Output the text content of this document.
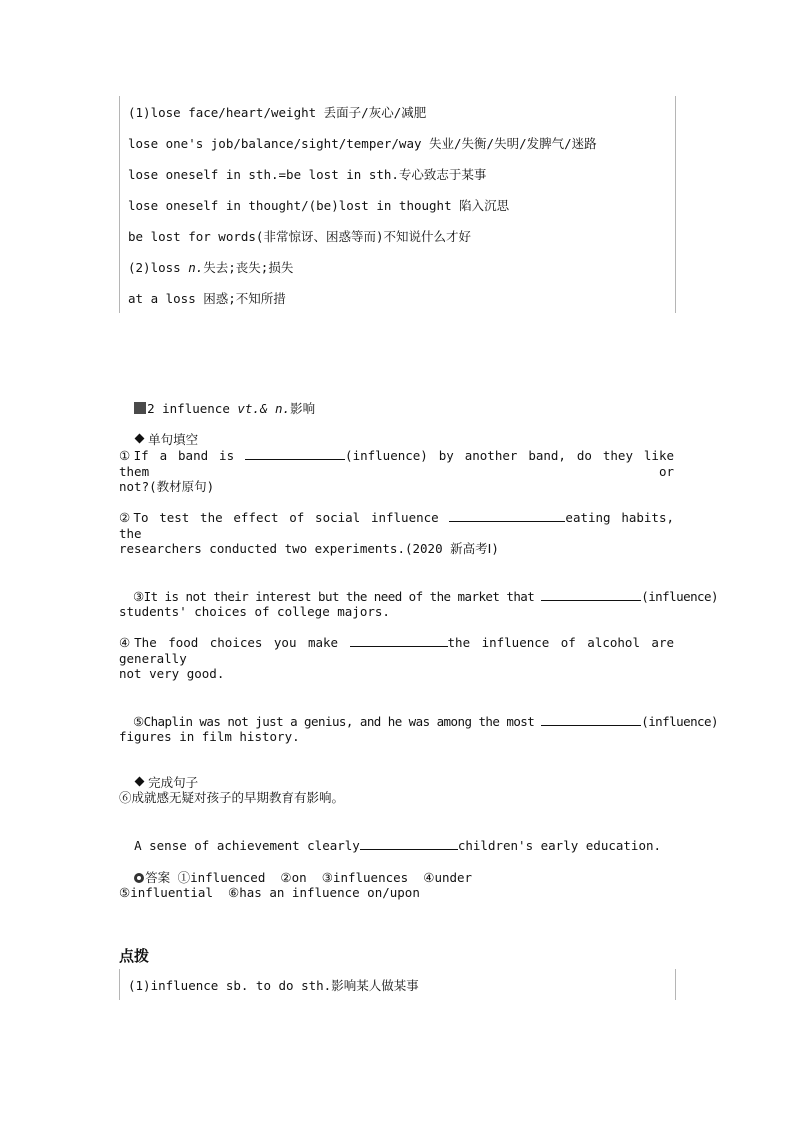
(1)lose face/heart/weight 丢面子/灰心/减肥
lose one's job/balance/sight/temper/way 失业/失衡/失明/发脾气/迷路
lose oneself in sth.=be lost in sth.专心致志于某事
lose oneself in thought/(be)lost in thought 陷入沉思
be lost for words(非常惊讶、困惑等而)不知说什么才好
(2)loss n.失去;丧失;损失
at a loss 困惑;不知所措

2 influence vt.& n.影响

单句填空

①If a band is	(influence) by another band, do they like them or
not?(教材原句)
②To test the effect of social influence	eating habits, the
researchers conducted two experiments.(2020 新高考Ⅰ)

③It is not their interest but the need of the market that	(influence)

students' choices of college majors.
④The food choices you make	the influence of alcohol are generally
not very good.

⑤Chaplin was not just a genius, and he was among the most	(influence)

figures in film history.

完成句子

⑥成就感无疑对孩子的早期教育有影响。

A sense of achievement clearly	children's early education.

答案 ①influenced  ②on  ③influences  ④under

⑤influential  ⑥has an influence on/upon
点拨
(1)influence sb. to do sth.影响某人做某事
